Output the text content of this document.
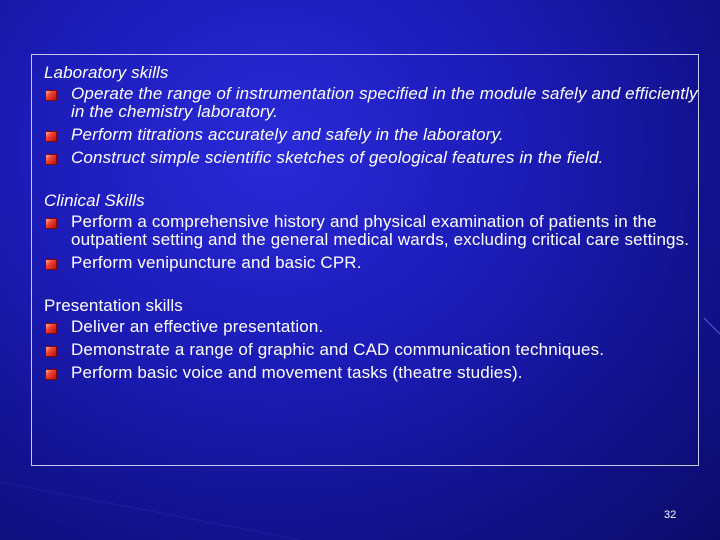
Laboratory skills
Operate the range of instrumentation specified in the module safely and efficiently in the chemistry laboratory.
Perform titrations accurately and safely in the laboratory.
Construct simple scientific sketches of geological features in the field.
Clinical Skills
Perform a comprehensive history and physical examination of patients in the outpatient setting and the general medical wards, excluding critical care settings.
Perform venipuncture and basic CPR.
Presentation skills
Deliver an effective presentation.
Demonstrate a range of graphic and CAD communication techniques.
Perform basic voice and movement tasks (theatre studies).
32
